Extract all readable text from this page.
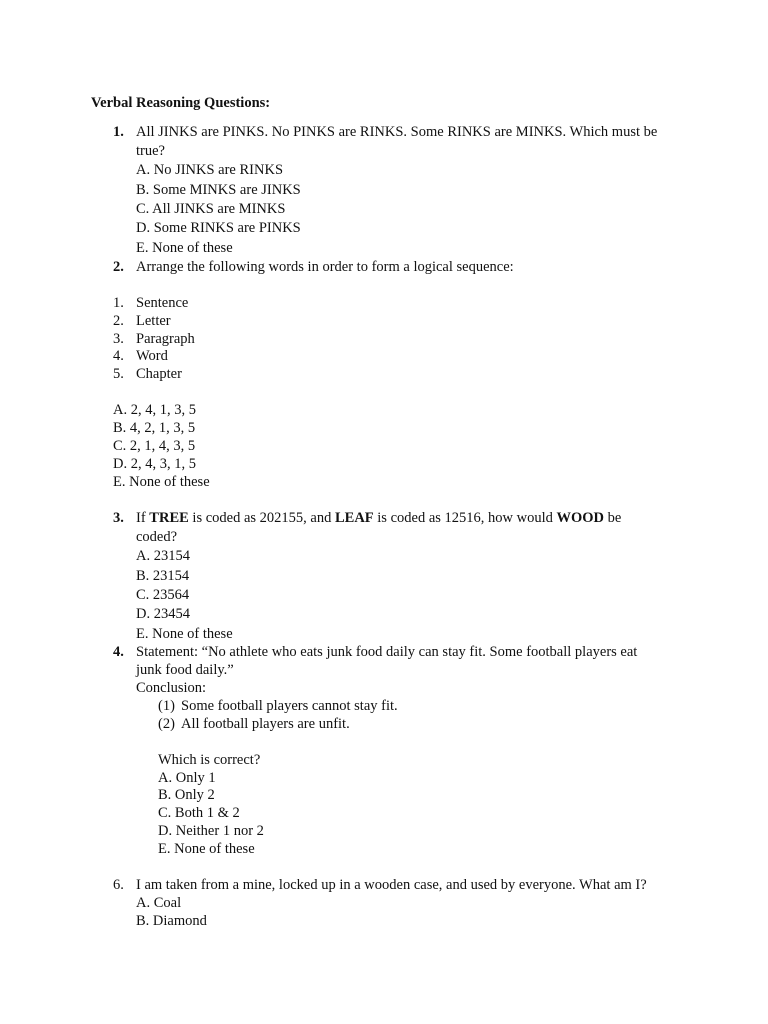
Verbal Reasoning Questions:
1. All JINKS are PINKS. No PINKS are RINKS. Some RINKS are MINKS. Which must be
true?
A. No JINKS are RINKS
B. Some MINKS are JINKS
C. All JINKS are MINKS
D. Some RINKS are PINKS
E. None of these
2. Arrange the following words in order to form a logical sequence:
1. Sentence
2. Letter
3. Paragraph
4. Word
5. Chapter
A. 2, 4, 1, 3, 5
B. 4, 2, 1, 3, 5
C. 2, 1, 4, 3, 5
D. 2, 4, 3, 1, 5
E. None of these
3. If TREE is coded as 202155, and LEAF is coded as 12516, how would WOOD be
coded?
A. 23154
B. 23154
C. 23564
D. 23454
E. None of these
4. Statement: “No athlete who eats junk food daily can stay fit. Some football players eat
junk food daily.”
Conclusion:
(1) Some football players cannot stay fit.
(2) All football players are unfit.
Which is correct?
A. Only 1
B. Only 2
C. Both 1 & 2
D. Neither 1 nor 2
E. None of these
6. I am taken from a mine, locked up in a wooden case, and used by everyone. What am I?
A. Coal
B. Diamond
